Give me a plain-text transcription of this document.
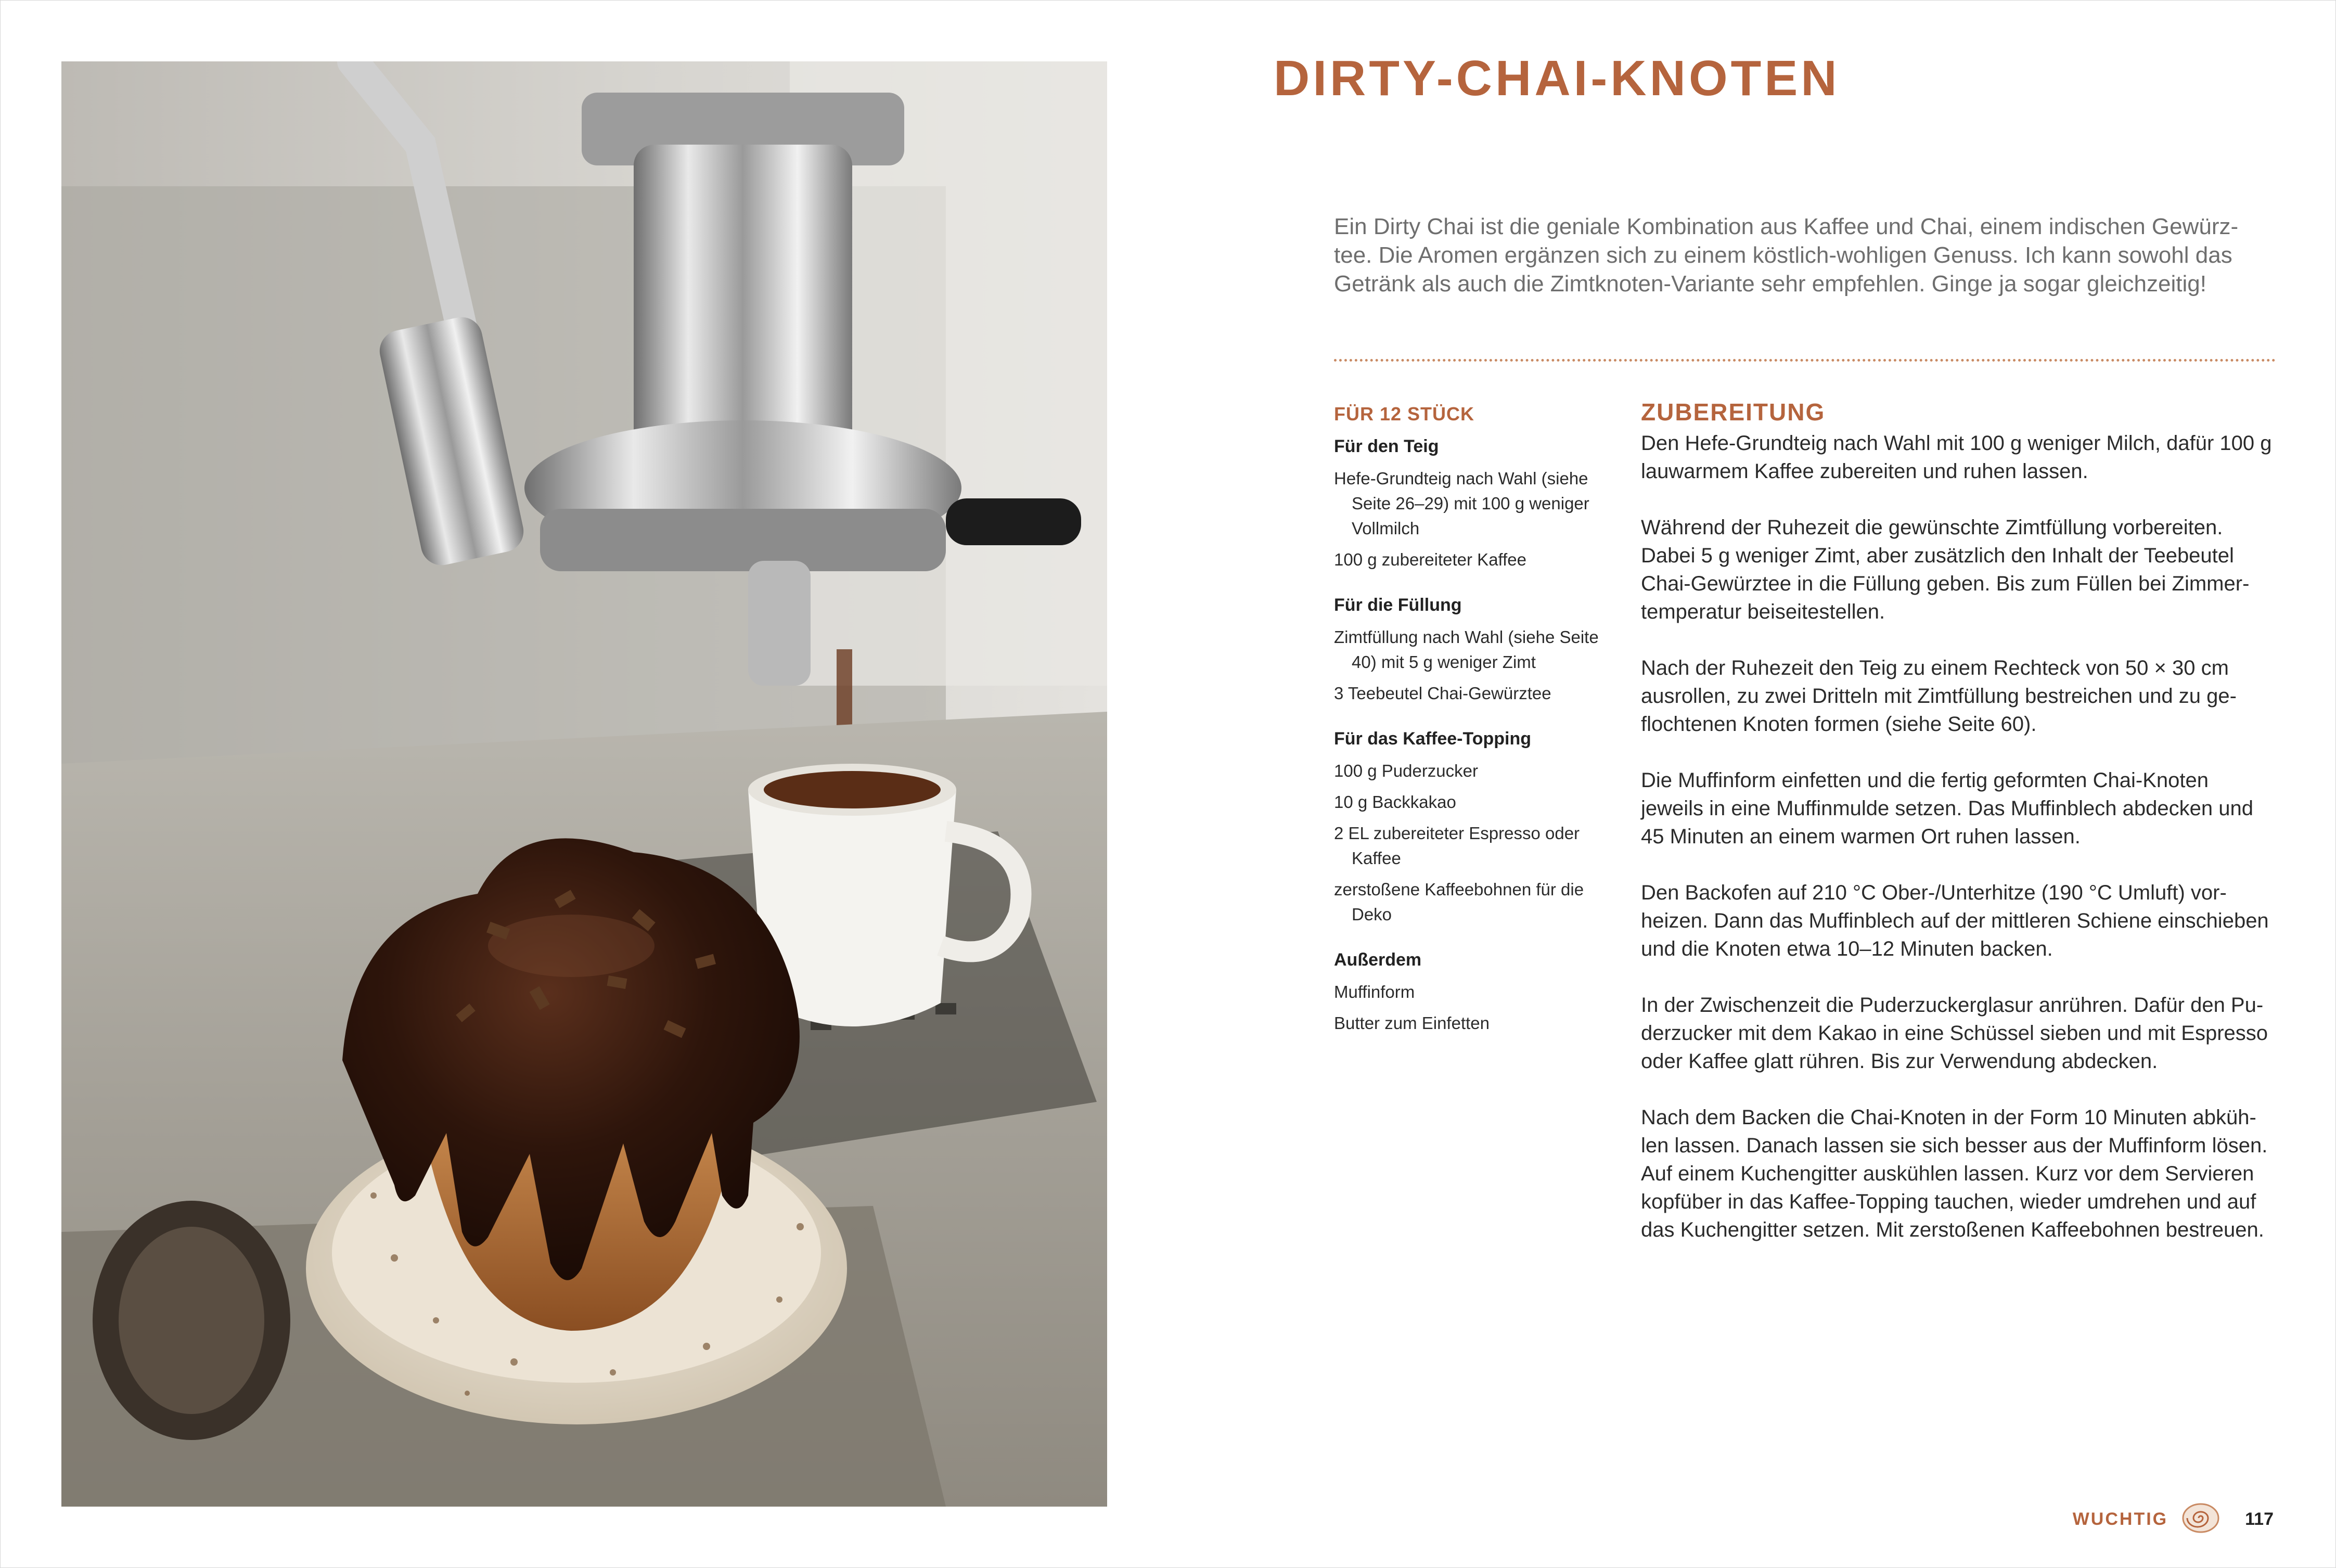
DIRTY-CHAI-KNOTEN

Ein Dirty Chai ist die geniale Kombination aus Kaffee und Chai, einem indischen Gewürztee. Die Aromen ergänzen sich zu einem köstlich-wohligen Genuss. Ich kann sowohl das Getränk als auch die Zimtknoten-Variante sehr empfehlen. Ginge ja sogar gleichzeitig!

FÜR 12 STÜCK
Für den Teig
Hefe-Grundteig nach Wahl (siehe Seite 26–29) mit 100 g weniger Vollmilch
100 g zubereiteter Kaffee
Für die Füllung
Zimtfüllung nach Wahl (siehe Seite 40) mit 5 g weniger Zimt
3 Teebeutel Chai-Gewürztee
Für das Kaffee-Topping
100 g Puderzucker
10 g Backkakao
2 EL zubereiteter Espresso oder Kaffee
zerstoßene Kaffeebohnen für die Deko
Außerdem
Muffinform
Butter zum Einfetten
ZUBEREITUNG

Den Hefe-Grundteig nach Wahl mit 100 g weniger Milch, dafür 100 g lauwarmem Kaffee zubereiten und ruhen lassen.

Während der Ruhezeit die gewünschte Zimtfüllung vorbereiten. Dabei 5 g weniger Zimt, aber zusätzlich den Inhalt der Teebeutel Chai-Gewürztee in die Füllung geben. Bis zum Füllen bei Zimmertemperatur beiseitestellen.

Nach der Ruhezeit den Teig zu einem Rechteck von 50 × 30 cm ausrollen, zu zwei Dritteln mit Zimtfüllung bestreichen und zu geflochtenen Knoten formen (siehe Seite 60).

Die Muffinform einfetten und die fertig geformten Chai-Knoten jeweils in eine Muffinmulde setzen. Das Muffinblech abdecken und 45 Minuten an einem warmen Ort ruhen lassen.

Den Backofen auf 210 °C Ober-/Unterhitze (190 °C Umluft) vorheizen. Dann das Muffinblech auf der mittleren Schiene einschieben und die Knoten etwa 10–12 Minuten backen.

In der Zwischenzeit die Puderzuckerglasur anrühren. Dafür den Puderzucker mit dem Kakao in eine Schüssel sieben und mit Espresso oder Kaffee glatt rühren. Bis zur Verwendung abdecken.

Nach dem Backen die Chai-Knoten in der Form 10 Minuten abkühlen lassen. Danach lassen sie sich besser aus der Muffinform lösen. Auf einem Kuchengitter auskühlen lassen. Kurz vor dem Servieren kopfüber in das Kaffee-Topping tauchen, wieder umdrehen und auf das Kuchengitter setzen. Mit zerstoßenen Kaffeebohnen bestreuen.

WUCHTIG	117
